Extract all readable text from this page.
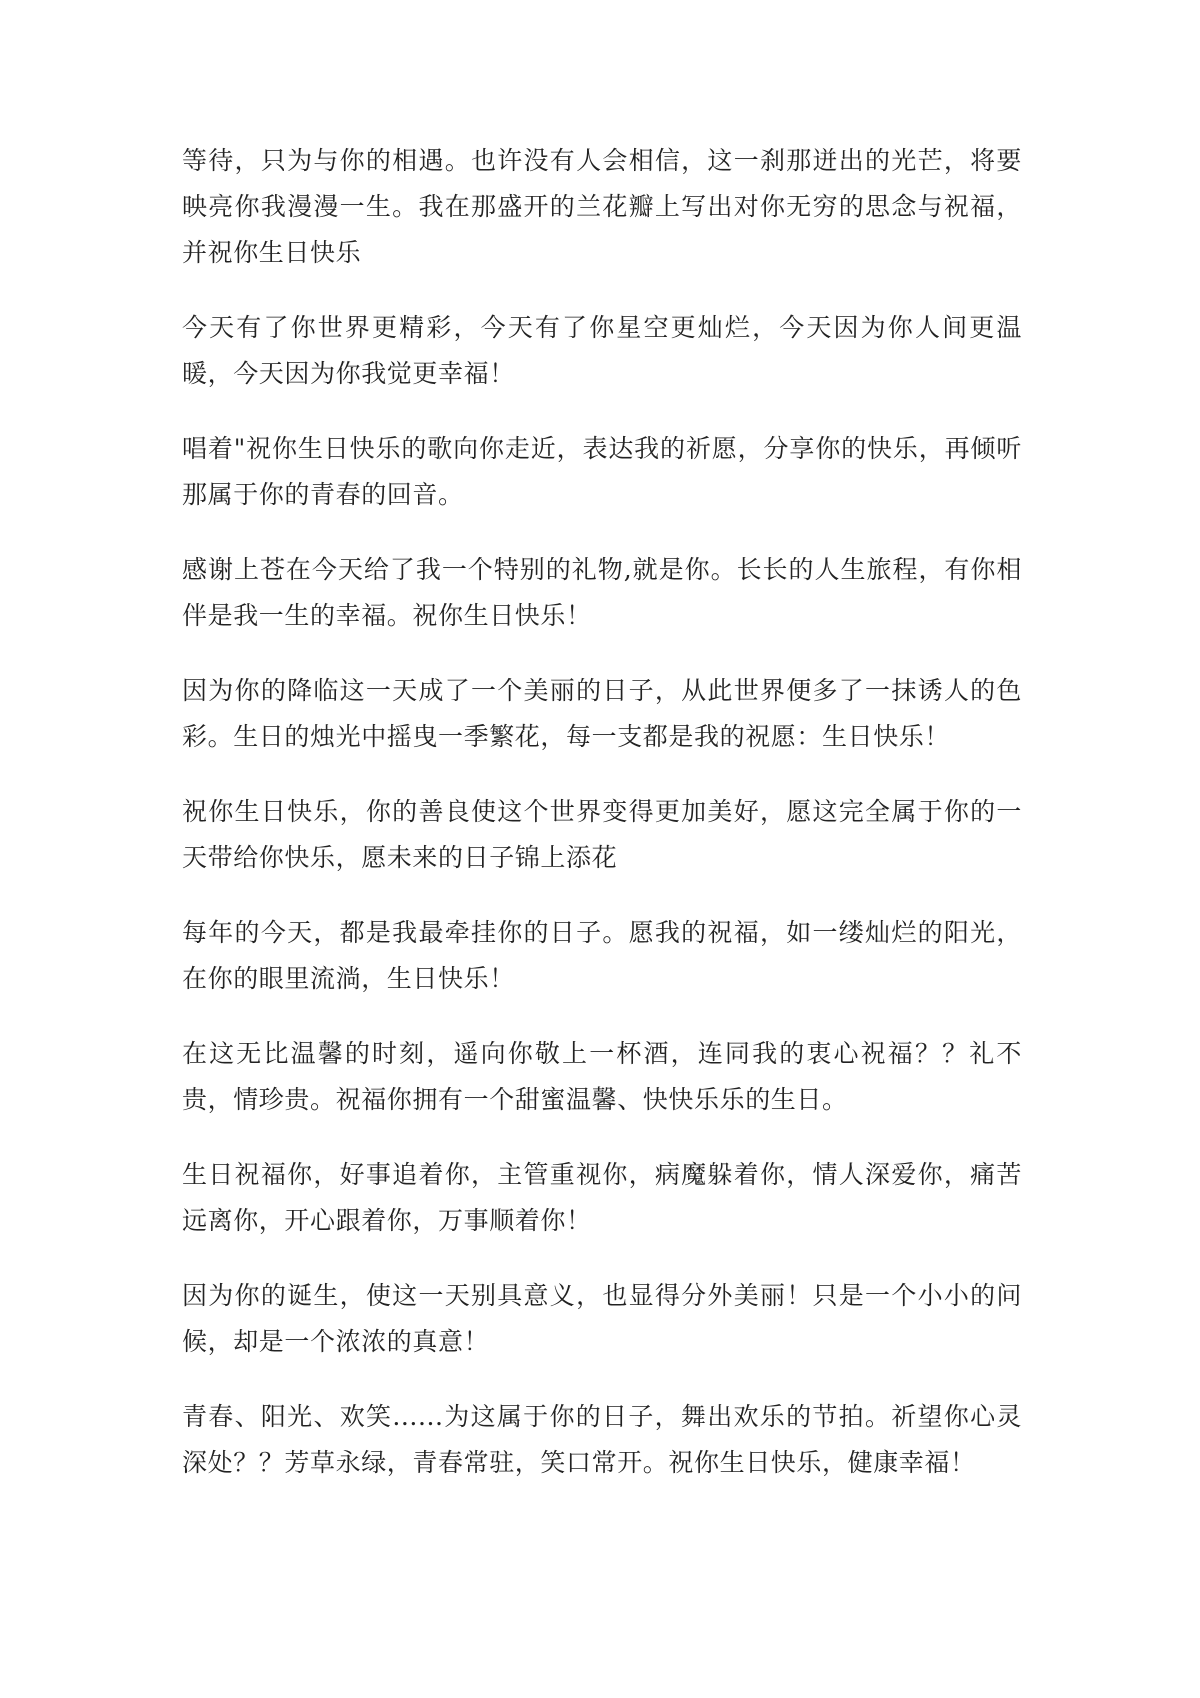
等待，只为与你的相遇。也许没有人会相信，这一刹那迸出的光芒，将要映亮你我漫漫一生。我在那盛开的兰花瓣上写出对你无穷的思念与祝福，并祝你生日快乐

今天有了你世界更精彩，今天有了你星空更灿烂，今天因为你人间更温暖，今天因为你我觉更幸福！

唱着"祝你生日快乐的歌向你走近，表达我的祈愿，分享你的快乐，再倾听那属于你的青春的回音。

感谢上苍在今天给了我一个特别的礼物,就是你。长长的人生旅程，有你相伴是我一生的幸福。祝你生日快乐！

因为你的降临这一天成了一个美丽的日子，从此世界便多了一抹诱人的色彩。生日的烛光中摇曳一季繁花，每一支都是我的祝愿：生日快乐！

祝你生日快乐，你的善良使这个世界变得更加美好，愿这完全属于你的一天带给你快乐，愿未来的日子锦上添花

每年的今天，都是我最牵挂你的日子。愿我的祝福，如一缕灿烂的阳光，在你的眼里流淌，生日快乐！

在这无比温馨的时刻，遥向你敬上一杯酒，连同我的衷心祝福？？礼不贵，情珍贵。祝福你拥有一个甜蜜温馨、快快乐乐的生日。

生日祝福你，好事追着你，主管重视你，病魔躲着你，情人深爱你，痛苦远离你，开心跟着你，万事顺着你！

因为你的诞生，使这一天别具意义，也显得分外美丽！只是一个小小的问候，却是一个浓浓的真意！

青春、阳光、欢笑......为这属于你的日子，舞出欢乐的节拍。祈望你心灵深处？？芳草永绿，青春常驻，笑口常开。祝你生日快乐，健康幸福！
